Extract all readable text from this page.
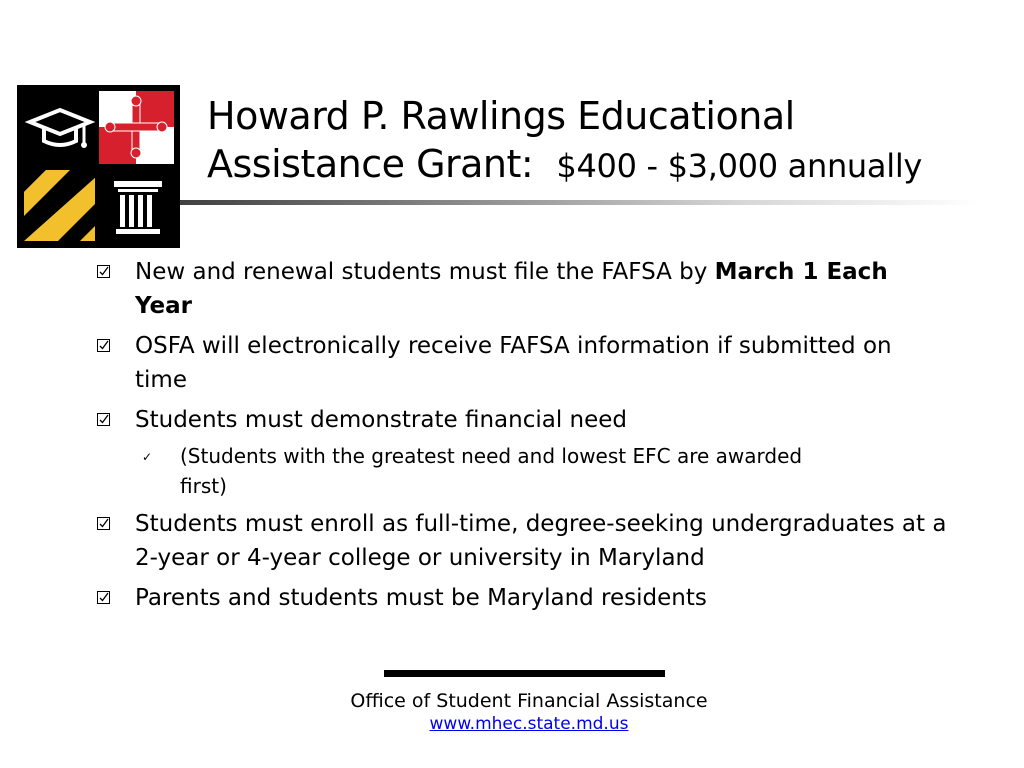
Howard P. Rawlings Educational
Assistance Grant: $400 - $3,000 annually
New and renewal students must file the FAFSA by March 1 Each Year
OSFA will electronically receive FAFSA information if submitted on time
Students must demonstrate financial need
✓ (Students with the greatest need and lowest EFC are awarded first)
Students must enroll as full-time, degree-seeking undergraduates at a 2-year or 4-year college or university in Maryland
Parents and students must be Maryland residents
Office of Student Financial Assistance
www.mhec.state.md.us
